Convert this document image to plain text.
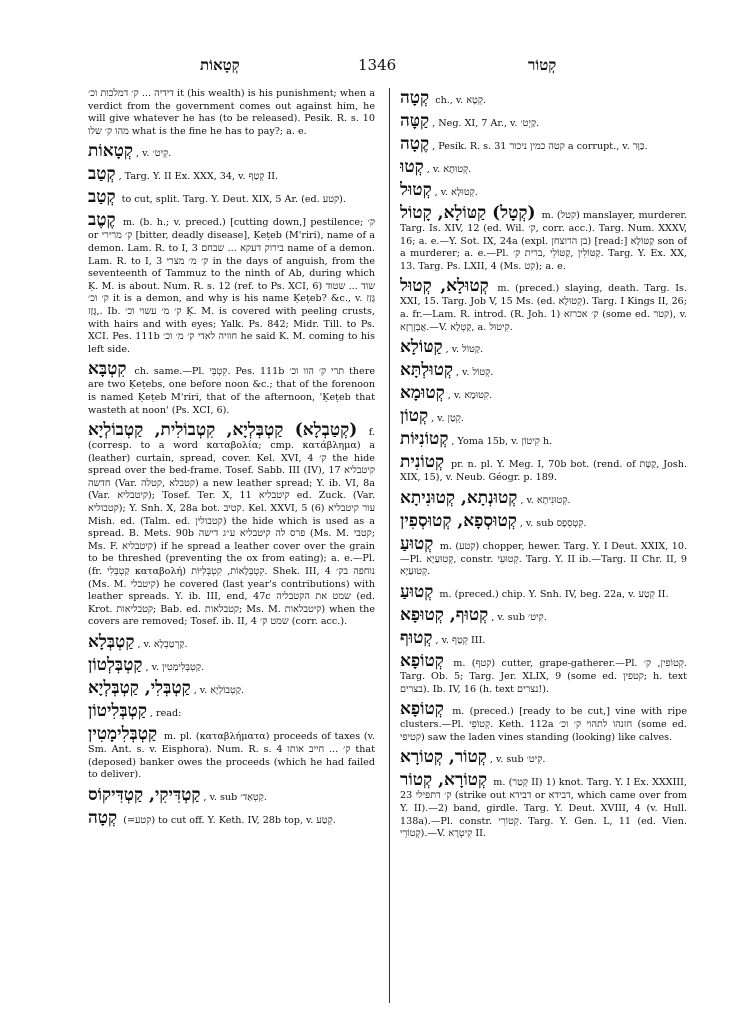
קְטָאוֹת	1346	קְטוֹר

דידיה ... ק׳ דמלכות וכ׳ it (his wealth) is his punishment; when a verdict from the government comes out against him, he will give whatever he has (to be released). Pesik. R. s. 10 מהו ק׳ שלו what is the fine he has to pay?; a. e.

קְטָאוֹת , v. קֵיט׳.

קְטַב , Targ. Y. II Ex. XXX, 34, v. קְטַף II.

קְטַב to cut, split. Targ. Y. Deut. XIX, 5 Ar. (ed. קטע).

קֶטֶב m. (b. h.; v. preced.) [cutting down,] pestilence; ק׳ or ק׳ מרירי [bitter, deadly disease], Ḳeṭeb (M'riri), name of a demon. Lam. R. to I, 3 בירוק דעקא ... שבחם name of a demon. Lam. R. to I, 3 ק׳ מ׳ מצרי in the days of anguish, from the seventeenth of Tammuz to the ninth of Ab, during which Ḳ. M. is about. Num. R. s. 12 (ref. to Ps. XCI, 6) שוד ... שטוד ק׳ וכ׳ it is a demon, and why is his name Ḳeṭeb? &c., v. גָּזַז ,גָּזַז. Ib. ק׳ מ׳ עשוי וכ׳ Ḳ. M. is covered with peeling crusts, with hairs and with eyes; Yalk. Ps. 842; Midr. Till. to Ps. XCI. Pes. 111b חוויה לאדי ק׳ מ׳ וכ׳ he said K. M. coming to his left side.

קִטְבָּא ch. same.—Pl. קִטְבֵּי. Pes. 111b תרי ק׳ הוו וכ׳ there are two Ḳeṭebs, one before noon &c.; that of the forenoon is named Ḳeṭeb M'riri, that of the afternoon, 'Ḳeṭeb that wasteth at noon' (Ps. XCI, 6).

(קְטַבְלָא) קַטְבְּלְיָא, קִטְבוֹלִית, קַטְבוֹלְיָא f. (corresp. to a word καταβολία; cmp. κατάβλημα) a (leather) curtain, spread, cover. Kel. XVI, 4 ק׳ the hide spread over the bed-frame. Tosef. Sabb. III (IV), 17 קיטבליא חדשה (Var. קטבלא ,קטלה) a new leather spread; Y. ib. VI, 8a (Var. קיטבליא); Tosef. Ter. X, 11 קיטבליא ed. Zuck. (Var. קטבוליא); Y. Snh. X, 28a bot. קטיב. Kel. XXVI, 5 (6) עור קיטבליא Mish. ed. (Talm. ed. קטבולין) the hide which is used as a spread. B. Mets. 90b פרס לה קיטבליא ע״ג דישה (Ms. M. קטבי; Ms. F. קיטבליא) if he spread a leather cover over the grain to be threshed (preventing the ox from eating); a. e.—Pl. (fr. קַטְבְּלִי καταβολή) קִטְבְּלָאוֹת, קִטְבְּלִיּוֹת. Shek. III, 4 נוחפה בק׳ (Ms. M. קיטבלי) he covered (last year's contributions) with leather spreads. Y. ib. III, end, 47c שמט את הקטבליה (ed. Krot. קטבליאות; Bab. ed. קטבלאות; Ms. M. קיטבלאות) when the covers are removed; Tosef. ib. II, 4 שמט ק׳ (corr. acc.).

קַטְבְּלָא , v. קַרְטַבְלָא.

קַטְבְּלְטוֹן , v. קַטְבְּלִימָטִין.

קַטְבְּלִי, קַטְבְּלְיָא , v. קַטְבוֹלְיָא.

קַטְבְּלִיטוֹן , read:

קַטְבְּלִימָטִין m. pl. (καταβλήματα) proceeds of taxes (v. Sm. Ant. s. v. Eisphora). Num. R. s. 4 ק׳ ... חייב אותו that (deposed) banker owes the proceeds (which he had failed to deliver).

קַטְדִּיקִי, קַטְדִּיקוֹס , v. sub קַטְאַד׳.

קְטָה (=קטע) to cut off. Y. Keth. IV, 28b top, v. קְטַע.

קְטָה ch., v. קְטָא.

קַטָּה , Neg. XI, 7 Ar., v. קַיְט׳.

קֶטָה , Pesik. R. s. 31 קטה כמין ניכור a corrupt., v. כַּוָּר.

קְטוּ , v. קְטוּתָא.

קְטוּל , v. קְטוּלָא.

(קְטָל) קַטּוֹלָא, קָטוֹל m. (קטל) manslayer, murderer. Targ. Is. XIV, 12 (ed. Wil. ק׳, corr. acc.). Targ. Num. XXXV, 16; a. e.—Y. Sot. IX, 24a (expl. בן הרוצחן) [read:] קַטּוֹלָא son of a murderer; a. e.—Pl. קַטּוֹלִין ,קַטּוֹלֵי ,ברית ק׳. Targ. Y. Ex. XX, 13. Targ. Ps. LXII, 4 (Ms. קט); a. e.

קְטוּלָא, קְטוּל m. (preced.) slaying, death. Targ. Is. XXI, 15. Targ. Job V, 15 Ms. (ed. קְטוּלָא). Targ. I Kings II, 26; a. fr.—Lam. R. introd. (R. Joh. 1) ק׳ אכרזא (some ed. קטר), v. אֲבְזָרְזָא.—V. קַטְלָא, a. קִיטוּל.

קַטּוֹלָא , v. קַטּוֹל.

קְטוּלְתָּא , v. קְטוֹל.

קְטוּמָא , v. קִטּוּמָא.

קְטוֹן , v. קְטַן.

קְטוֹנִיּוֹת , Yoma 15b, v. קִיטוֹן h.

קְטוֹנִית pr. n. pl. Y. Meg. I, 70b bot. (rend. of קַטָּת, Josh. XIX, 15), v. Neub. Géogr. p. 189.

קְטוּנְתָא, קְטוּנִיתָא , v. קְטוּנִיתָא.

קְטוּסְפָא, קְטוּסְפִין , v. sub קִטְסְפָס.

קְטוּעַ m. (קטע) chopper, hewer. Targ. Y. I Deut. XXIX, 10.—Pl. קְטוּעַיָא, constr. קְטוּעֵי. Targ. Y. II ib.—Targ. II Chr. II, 9 קְטוּעַיָא.

קְטוּעַ m. (preced.) chip. Y. Snh. IV, beg. 22a, v. קְטַע II.

קְטוּף, קְטוּפָא , v. sub קִיט׳.

קְטוּף , v. קְטַף III.

קְטוֹפָא m. (קטף) cutter, grape-gatherer.—Pl. קְטוֹפִין, ק׳. Targ. Ob. 5; Targ. Jer. XLIX, 9 (some ed. קטפין; h. text בצרים). Ib. IV, 16 (h. text נצרים!).

קְטוֹפָא m. (preced.) [ready to be cut,] vine with ripe clusters.—Pl. קְטוֹפֵי. Keth. 112a חזנהו לתהוי ק׳ וכ׳ (some ed. קטיפי) saw the laden vines standing (looking) like calves.

קְטוֹר, קְטוֹרָא , v. sub קִיט׳.

קְטוֹרָא, קְטוֹר m. (קְטַר II) 1) knot. Targ. Y. I Ex. XXXIII, 23 ק׳ דתפילי (strike out דבידא or דבידא, which came over from Y. II).—2) band, girdle. Targ. Y. Deut. XVIII, 4 (v. Hull. 138a).—Pl. constr. קְטוֹרֵי. Targ. Y. Gen. L, 11 (ed. Vien. קְטוֹרֵי).—V. קִיטְרָא II.
